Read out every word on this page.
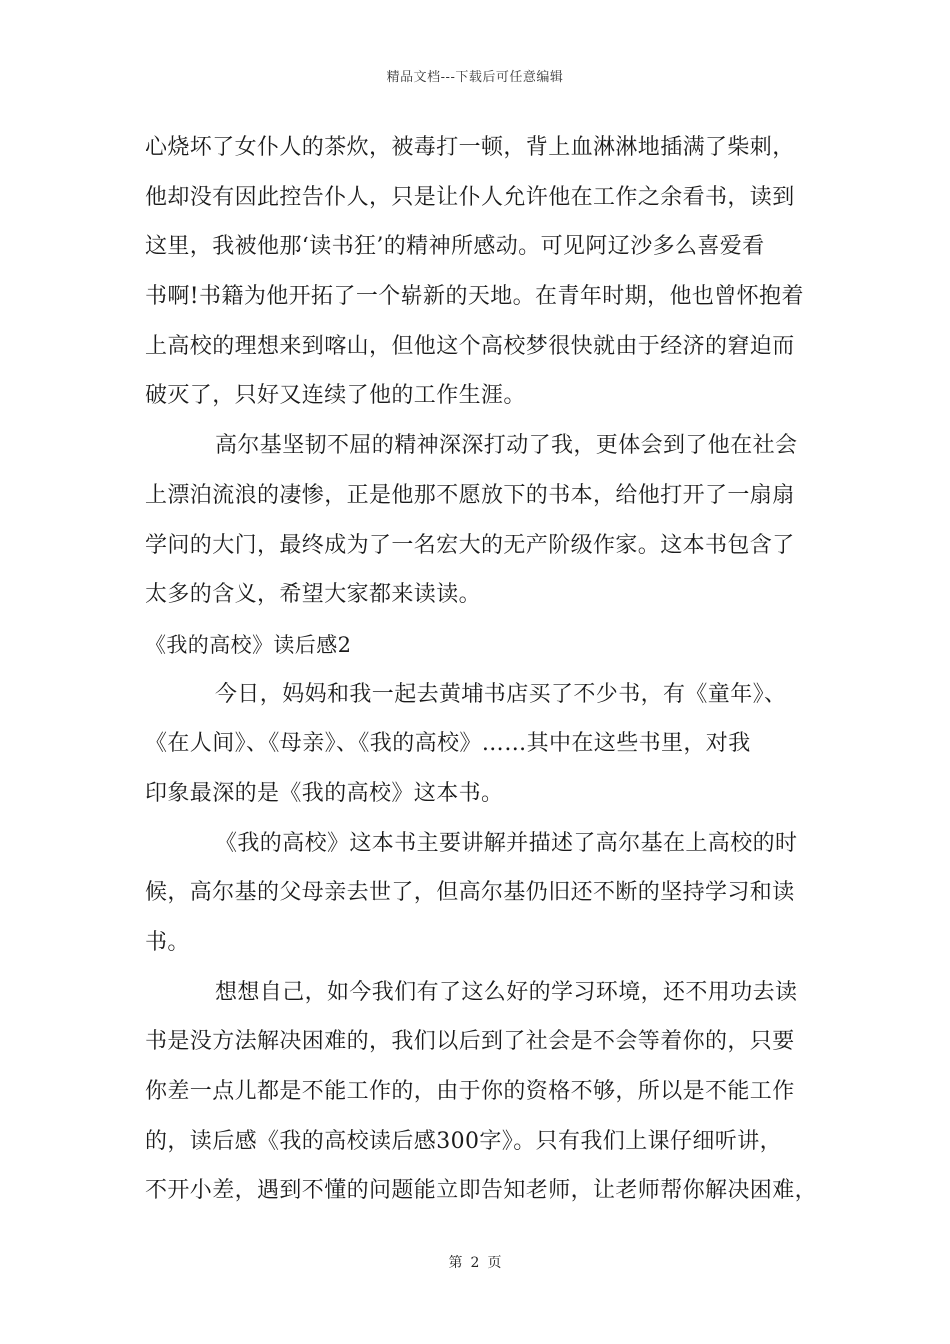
精品文档---下载后可任意编辑
心烧坏了女仆人的茶炊，被毒打一顿，背上血淋淋地插满了柴刺，
他却没有因此控告仆人，只是让仆人允许他在工作之余看书，读到
这里，我被他那‘读书狂’的精神所感动。可见阿辽沙多么喜爱看
书啊!书籍为他开拓了一个崭新的天地。在青年时期，他也曾怀抱着
上高校的理想来到喀山，但他这个高校梦很快就由于经济的窘迫而
破灭了，只好又连续了他的工作生涯。
高尔基坚韧不屈的精神深深打动了我，更体会到了他在社会
上漂泊流浪的凄惨，正是他那不愿放下的书本，给他打开了一扇扇
学问的大门，最终成为了一名宏大的无产阶级作家。这本书包含了
太多的含义，希望大家都来读读。
《我的高校》读后感2
今日，妈妈和我一起去黄埔书店买了不少书，有《童年》、
《在人间》、《母亲》、《我的高校》……其中在这些书里，对我
印象最深的是《我的高校》这本书。
《我的高校》这本书主要讲解并描述了高尔基在上高校的时
候，高尔基的父母亲去世了，但高尔基仍旧还不断的坚持学习和读
书。
想想自己，如今我们有了这么好的学习环境，还不用功去读
书是没方法解决困难的，我们以后到了社会是不会等着你的，只要
你差一点儿都是不能工作的，由于你的资格不够，所以是不能工作
的，读后感《我的高校读后感300字》。只有我们上课仔细听讲，
不开小差，遇到不懂的问题能立即告知老师，让老师帮你解决困难，
第 2 页
